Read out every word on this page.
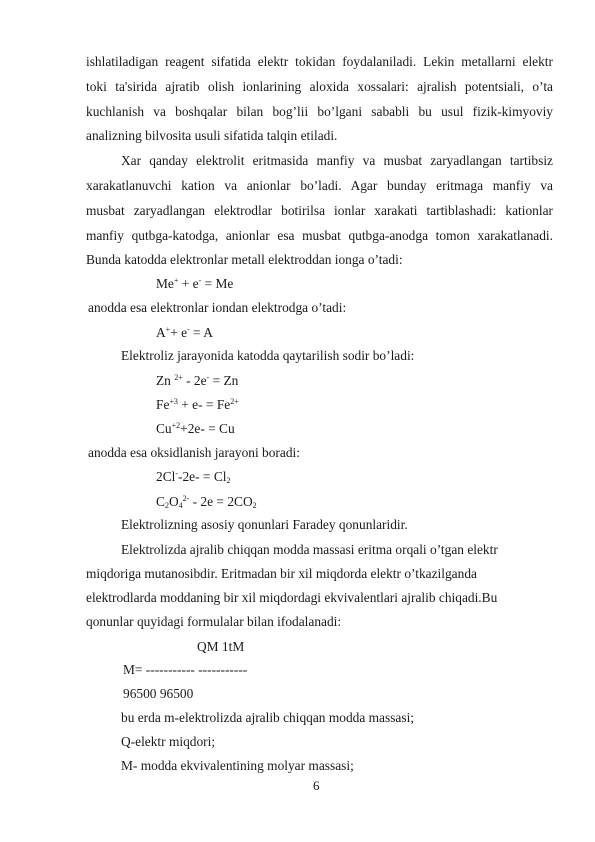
ishlatiladigan reagent sifatida elektr tokidan foydalaniladi. Lekin metallarni elektr
toki ta'sirida ajratib olish ionlarining aloxida xossalari: ajralish potentsiali, o’ta
kuchlanish va boshqalar bilan bog’lii bo’lgani sababli bu usul fizik-kimyoviy
analizning bilvosita usuli sifatida talqin etiladi.
Xar qanday elektrolit eritmasida manfiy va musbat zaryadlangan tartibsiz
xarakatlanuvchi kation va anionlar bo’ladi. Agar bunday eritmaga manfiy va
musbat zaryadlangan elektrodlar botirilsa ionlar xarakati tartiblashadi: kationlar
manfiy qutbga-katodga, anionlar esa musbat qutbga-anodga tomon xarakatlanadi.
Bunda katodda elektronlar metall elektroddan ionga o’tadi:
Me+ + e- = Me
anodda esa elektronlar iondan elektrodga o’tadi:
A++ e- = A
Elektroliz jarayonida katodda qaytarilish sodir bo’ladi:
Zn $^{2+}$ - 2e- = Zn
$Fe^{+3} + e- = Fe^{2+}$
$Cu^{+2}+2e- = Cu$
anodda esa oksidlanish jarayoni boradi:
$2Cl^--2e- = Cl_2$
$C_2O_4^{2-} - 2e = 2CO_2$
Elektrolizning asosiy qonunlari Faradey qonunlaridir.
Elektrolizda ajralib chiqqan modda massasi eritma orqali o’tgan elektr
miqdoriga mutanosibdir. Eritmadan bir xil miqdorda elektr o’tkazilganda
elektrodlarda moddaning bir xil miqdordagi ekvivalentlari ajralib chiqadi.Bu
qonunlar quyidagi formulalar bilan ifodalanadi:
QM 1tM
M= ----------- -----------
96500 96500
bu erda m-elektrolizda ajralib chiqqan modda massasi;
Q-elektr miqdori;
M- modda ekvivalentining molyar massasi;
6
